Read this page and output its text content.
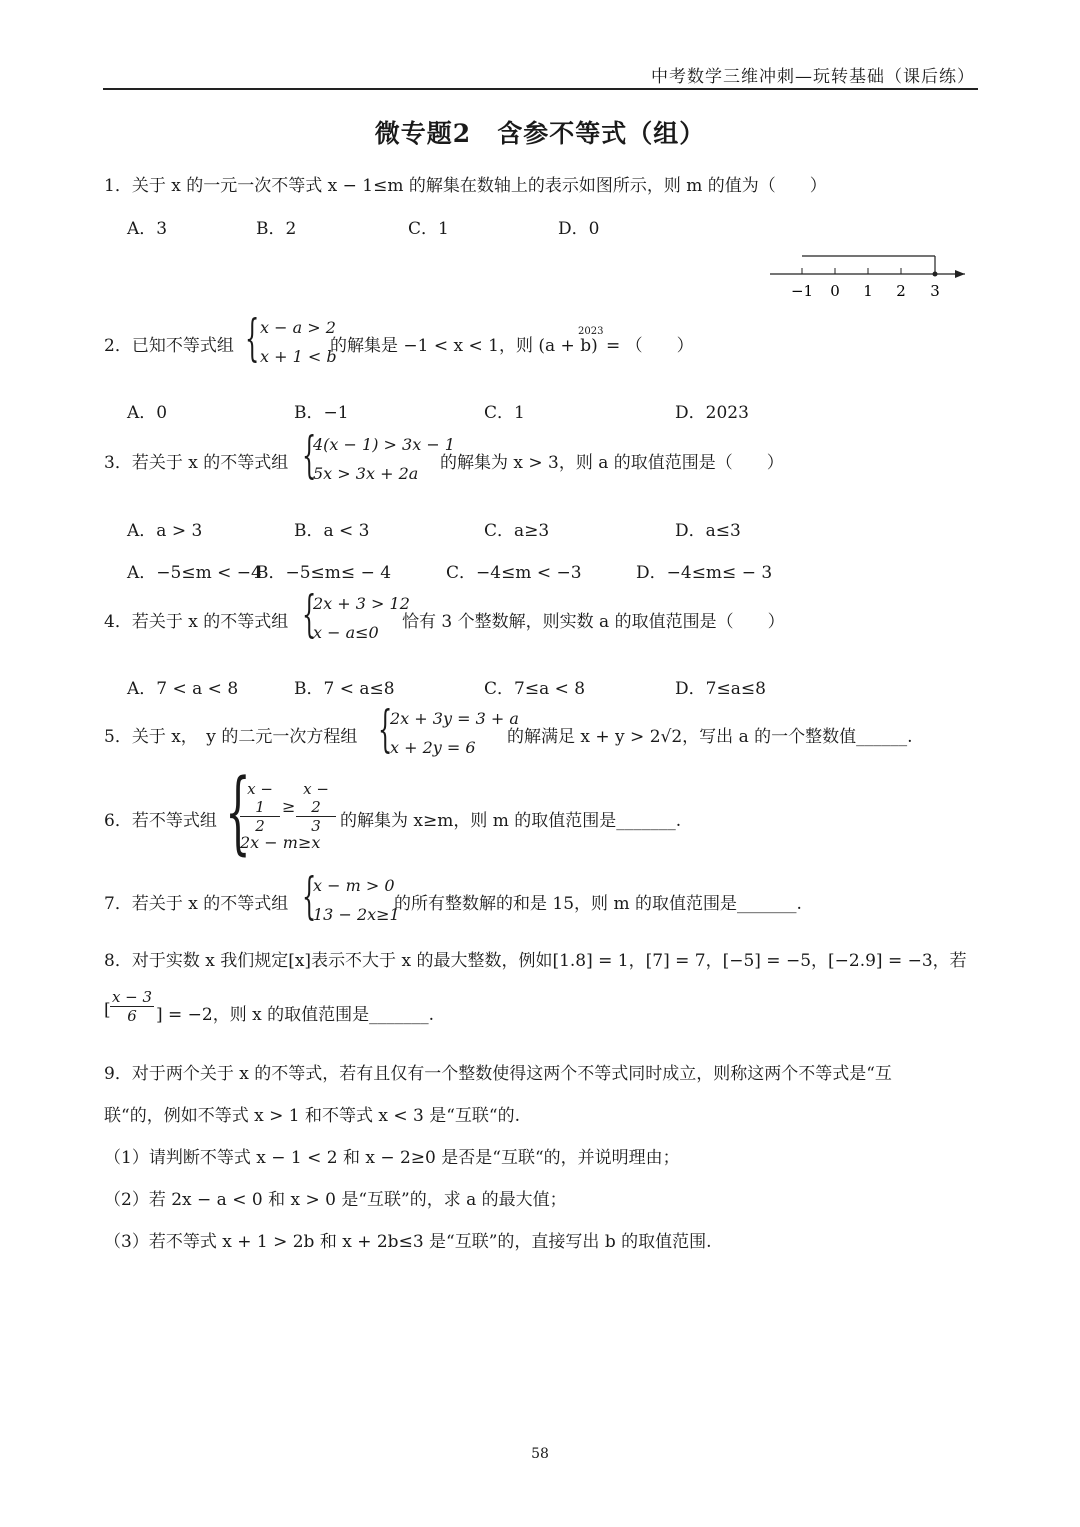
中考数学三维冲刺—玩转基础（课后练）
微专题2　含参不等式（组）
1．关于 x 的一元一次不等式 x − 1≤m 的解集在数轴上的表示如图所示，则 m 的值为（　　）
A．3	B．2	C．1	D．0
−1 0 1 2 3
2．已知不等式组 { x − a > 2
x + 1 < b
的解集是 −1 < x < 1，则 (a + b)
2023
= （　　）
A．0	B．−1	C．1	D．2023
3．若关于 x 的不等式组 {
4(x − 1) > 3x − 1
5x > 3x + 2a
的解集为 x > 3，则 a 的取值范围是（　　）
A．a > 3	B．a < 3	C．a≥3	D．a≤3
A．−5≤m < −4
B．−5≤m≤ − 4	C．−4≤m < −3	D．−4≤m≤ − 3
4．若关于 x 的不等式组 {
2x + 3 > 12
x − a≤0
恰有 3 个整数解，则实数 a 的取值范围是（　　）
A．7 < a < 8	B．7 < a≤8	C．7≤a < 8	D．7≤a≤8
5．关于 x，　y 的二元一次方程组 {
2x + 3y = 3 + a
x + 2y = 6
的解满足 x + y > 2√2，写出 a 的一个整数值______.
6．若不等式组 {
$\frac{x - 1}{2} \ge \frac{x - 2}{3}$
2x − m≥x
的解集为 x≥m，则 m 的取值范围是_______.
7．若关于 x 的不等式组 {
x − m > 0
13 − 2x≥1
的所有整数解的和是 15，则 m 的取值范围是_______.
8．对于实数 x 我们规定[x]表示不大于 x 的最大整数，例如[1.8] = 1，[7] = 7，[−5] = −5，[−2.9] = −3，若
[ $\frac{x - 3}{6}$ ] = −2，则 x 的取值范围是_______.
9．对于两个关于 x 的不等式，若有且仅有一个整数使得这两个不等式同时成立，则称这两个不等式是“互
联“的，例如不等式 x > 1 和不等式 x < 3 是“互联“的.
（1）请判断不等式 x − 1 < 2 和 x − 2≥0 是否是“互联“的，并说明理由；
（2）若 2x − a < 0 和 x > 0 是“互联”的，求 a 的最大值；
（3）若不等式 x + 1 > 2b 和 x + 2b≤3 是“互联”的，直接写出 b 的取值范围.
58
